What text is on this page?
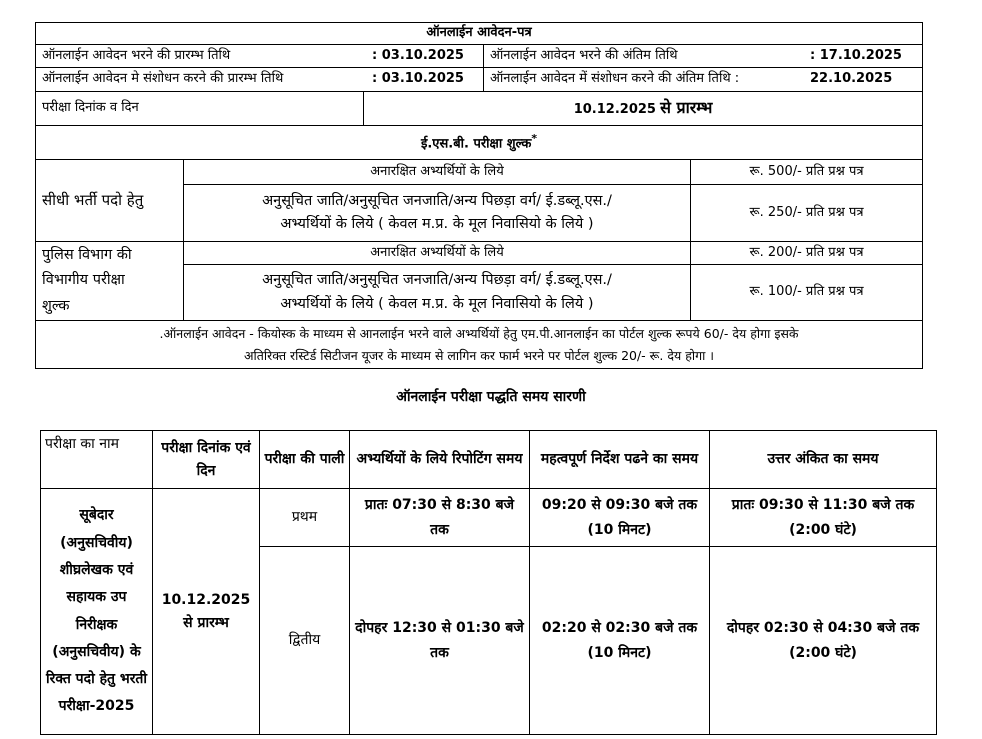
ऑनलाईन आवेदन-पत्र				
ऑनलाईन आवेदन भरने की प्रारम्भ तिथि : 03.10.2025			ऑनलाईन आवेदन भरने की अंतिम तिथि : 17.10.2025	
ऑनलाईन आवेदन मे संशोधन करने की प्रारम्भ तिथि : 03.10.2025			ऑनलाईन आवेदन में संशोधन करने की अंतिम तिथि : 22.10.2025	
परीक्षा दिनांक व दिन		10.12.2025 से प्रारम्भ		
ई.एस.बी. परीक्षा शुल्क*
सीधी भर्ती पदो हेतु	अनारक्षित अभ्यर्थियों के लिये			रू. 500/- प्रति प्रश्न पत्र

	अनुसूचित जाति/अनुसूचित जनजाति/अन्य पिछड़ा वर्ग/ ई.डब्लू.एस./
अभ्यर्थियों के लिये ( केवल म.प्र. के मूल निवासियो के लिये )			रू. 250/- प्रति प्रश्न पत्र

पुलिस विभाग की
विभागीय परीक्षा
शुल्क	अनारक्षित अभ्यर्थियों के लिये			रू. 200/- प्रति प्रश्न पत्र

	अनुसूचित जाति/अनुसूचित जनजाति/अन्य पिछड़ा वर्ग/ ई.डब्लू.एस./
अभ्यर्थियों के लिये ( केवल म.प्र. के मूल निवासियो के लिये )			रू. 100/- प्रति प्रश्न पत्र

.ऑनलाईन आवेदन - कियोस्क के माध्यम से आनलाईन भरने वाले अभ्यर्थियों हेतु एम.पी.आनलाईन का पोर्टल शुल्क रूपये 60/- देय होगा इसके
अतिरिक्त रस्टिर्ड सिटीजन यूजर के माध्यम से लागिन कर फार्म भरने पर पोर्टल शुल्क 20/- रू. देय होगा ।				
ऑनलाईन परीक्षा पद्धति समय सारणी
परीक्षा का नाम	परीक्षा दिनांक एवं दिन	परीक्षा की पाली	अभ्यर्थियों के लिये रिपोटिंग समय	महत्वपूर्ण निर्देश पढने का समय	उत्तर अंकित का समय
सूबेदार (अनुसचिवीय) शीघ्रलेखक एवं सहायक उप निरीक्षक (अनुसचिवीय) के रिक्त पदो हेतु भरती परीक्षा-2025	10.12.2025 से प्रारम्भ	प्रथम	प्रातः 07:30 से 8:30 बजे तक	09:20 से 09:30 बजे तक (10 मिनट)	प्रातः 09:30 से 11:30 बजे तक (2:00 घंटे)
		द्वितीय	दोपहर 12:30 से 01:30 बजे तक	02:20 से 02:30 बजे तक (10 मिनट)	दोपहर 02:30 से 04:30 बजे तक (2:00 घंटे)
